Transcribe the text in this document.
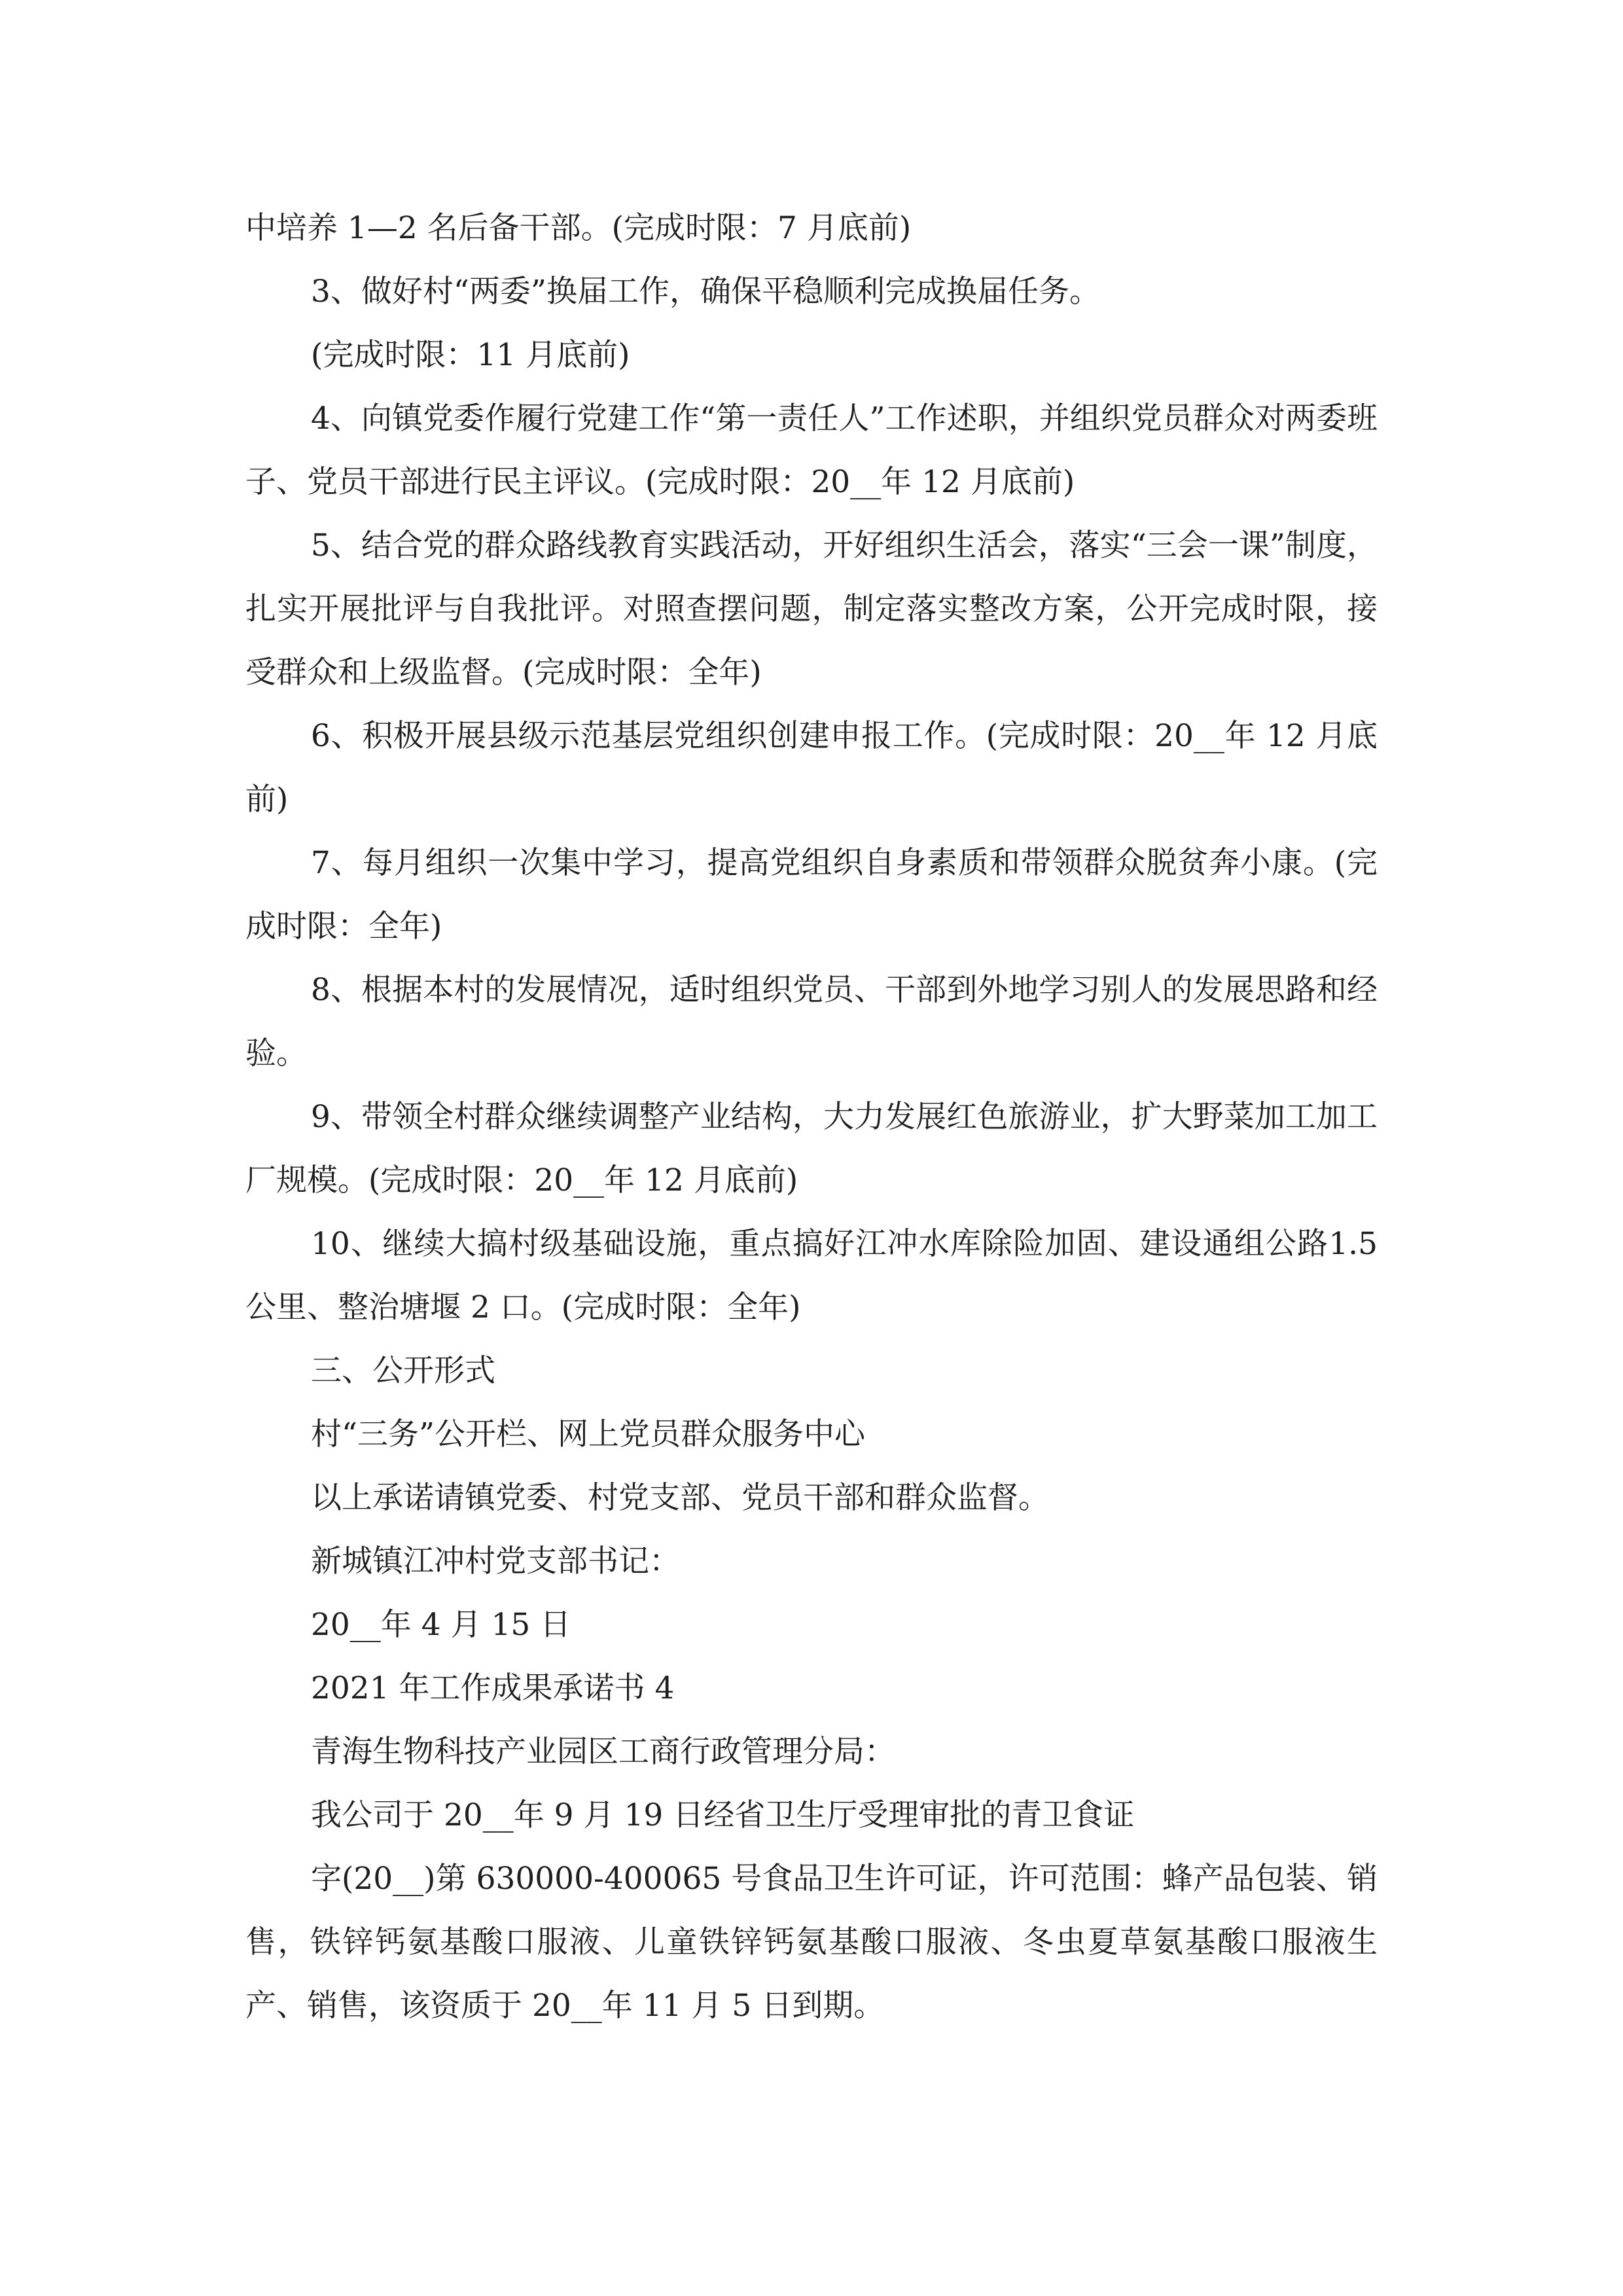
中培养 1—2 名后备干部。(完成时限：7 月底前)

3、做好村“两委”换届工作，确保平稳顺利完成换届任务。

(完成时限：11 月底前)

4、向镇党委作履行党建工作“第一责任人”工作述职，并组织党员群众对两委班子、党员干部进行民主评议。(完成时限：20__年 12 月底前)

5、结合党的群众路线教育实践活动，开好组织生活会，落实“三会一课”制度，扎实开展批评与自我批评。对照查摆问题，制定落实整改方案，公开完成时限，接受群众和上级监督。(完成时限：全年)

6、积极开展县级示范基层党组织创建申报工作。(完成时限：20__年 12 月底前)

7、每月组织一次集中学习，提高党组织自身素质和带领群众脱贫奔小康。(完成时限：全年)

8、根据本村的发展情况，适时组织党员、干部到外地学习别人的发展思路和经验。

9、带领全村群众继续调整产业结构，大力发展红色旅游业，扩大野菜加工加工厂规模。(完成时限：20__年 12 月底前)

10、继续大搞村级基础设施，重点搞好江冲水库除险加固、建设通组公路1.5 公里、整治塘堰 2 口。(完成时限：全年)

三、公开形式

村“三务”公开栏、网上党员群众服务中心

以上承诺请镇党委、村党支部、党员干部和群众监督。

新城镇江冲村党支部书记：

20__年 4 月 15 日

2021 年工作成果承诺书 4

青海生物科技产业园区工商行政管理分局：

我公司于 20__年 9 月 19 日经省卫生厅受理审批的青卫食证

字(20__)第 630000-400065 号食品卫生许可证，许可范围：蜂产品包装、销售，铁锌钙氨基酸口服液、儿童铁锌钙氨基酸口服液、冬虫夏草氨基酸口服液生产、销售，该资质于 20__年 11 月 5 日到期。
